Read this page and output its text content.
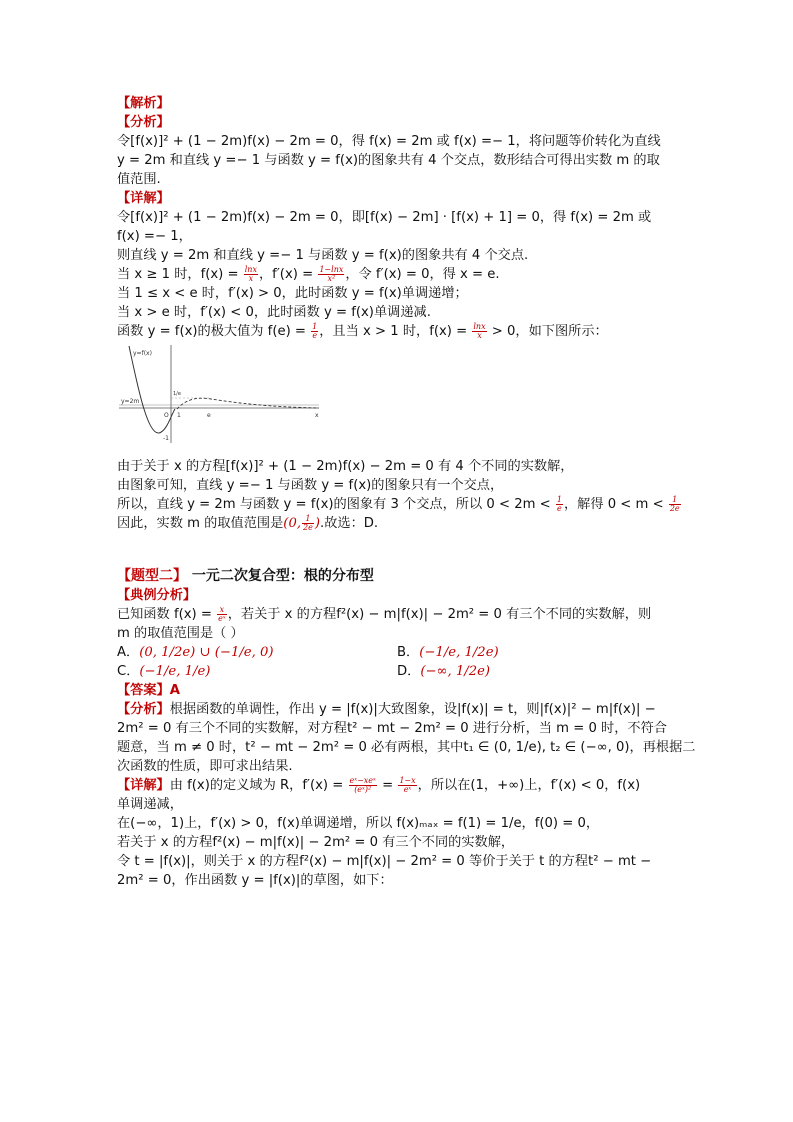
【解析】
【分析】
令[f(x)]² + (1 − 2m)f(x) − 2m = 0，得 f(x) = 2m 或 f(x) =− 1，将问题等价转化为直线
y = 2m 和直线 y =− 1 与函数 y = f(x)的图象共有 4 个交点，数形结合可得出实数 m 的取
值范围.
【详解】
令[f(x)]² + (1 − 2m)f(x) − 2m = 0，即[f(x) − 2m] · [f(x) + 1] = 0，得 f(x) = 2m 或
f(x) =− 1，
则直线 y = 2m 和直线 y =− 1 与函数 y = f(x)的图象共有 4 个交点.
当 x ≥ 1 时，$f(x) = \frac{\ln x}{x}$ ，$f'(x) = \frac{1-\ln x}{\text{x²}}$ ，令 f′(x) = 0，得 x = e.
当 1 ≤ x < e 时，f′(x) > 0，此时函数 y = f(x)单调递增；
当 x > e 时，f′(x) < 0，此时函数 y = f(x)单调递减.
函数 y = f(x)的极大值为 $f(e) = \frac{1}{e}$ ，且当 x > 1 时，$f(x) = \frac{\ln x}{x} > 0$，如下图所示：
y=f(x)
y=2m
1/e
O 1	e	x
-1
由于关于 x 的方程[f(x)]² + (1 − 2m)f(x) − 2m = 0 有 4 个不同的实数解，
由图象可知，直线 y =− 1 与函数 y = f(x)的图象只有一个交点，
所以，直线 y = 2m 与函数 y = f(x)的图象有 3 个交点，所以 $0 < 2m < \frac{1}{e}$ ，解得 $0 < m < \frac{1}{2e}$
因此，实数 m 的取值范围是(0, $\frac{1}{2e}$ ).故选：D.
【题型二】 一元二次复合型：根的分布型
【典例分析】
已知函数 $f(x) = \frac{x}{\text{eˣ}}$ ，若关于 x 的方程f²(x) − m|f(x)| − 2m² = 0 有三个不同的实数解，则
m 的取值范围是（ ）
A．(0, 1/2e) ∪ (−1/e, 0)	B．(−1/e, 1/2e)
C．(−1/e, 1/e)	D．(−∞, 1/2e)
【答案】A
【分析】根据函数的单调性，作出 y = |f(x)|大致图象，设|f(x)| = t，则|f(x)|² − m|f(x)| −
2m² = 0 有三个不同的实数解，对方程t² − mt − 2m² = 0 进行分析，当 m = 0 时，不符合
题意，当 m ≠ 0 时，t² − mt − 2m² = 0 必有两根，其中t₁ ∈ (0, 1/e), t₂ ∈ (−∞, 0)，再根据二
次函数的性质，即可求出结果.
【详解】由 f(x)的定义域为 R，$f'(x) = \frac{\text{eˣ−xeˣ}}{\text{(eˣ)²}} = \frac{1-x}{\text{eˣ}}$ ，所以在(1，+∞)上，f′(x) < 0，f(x)
单调递减，
在(−∞，1)上，f′(x) > 0，f(x)单调递增，所以 f(x)ₘₐₓ = f(1) = 1/e，f(0) = 0，
若关于 x 的方程f²(x) − m|f(x)| − 2m² = 0 有三个不同的实数解，
令 t = |f(x)|，则关于 x 的方程f²(x) − m|f(x)| − 2m² = 0 等价于关于 t 的方程t² − mt −
2m² = 0，作出函数 y = |f(x)|的草图，如下：
